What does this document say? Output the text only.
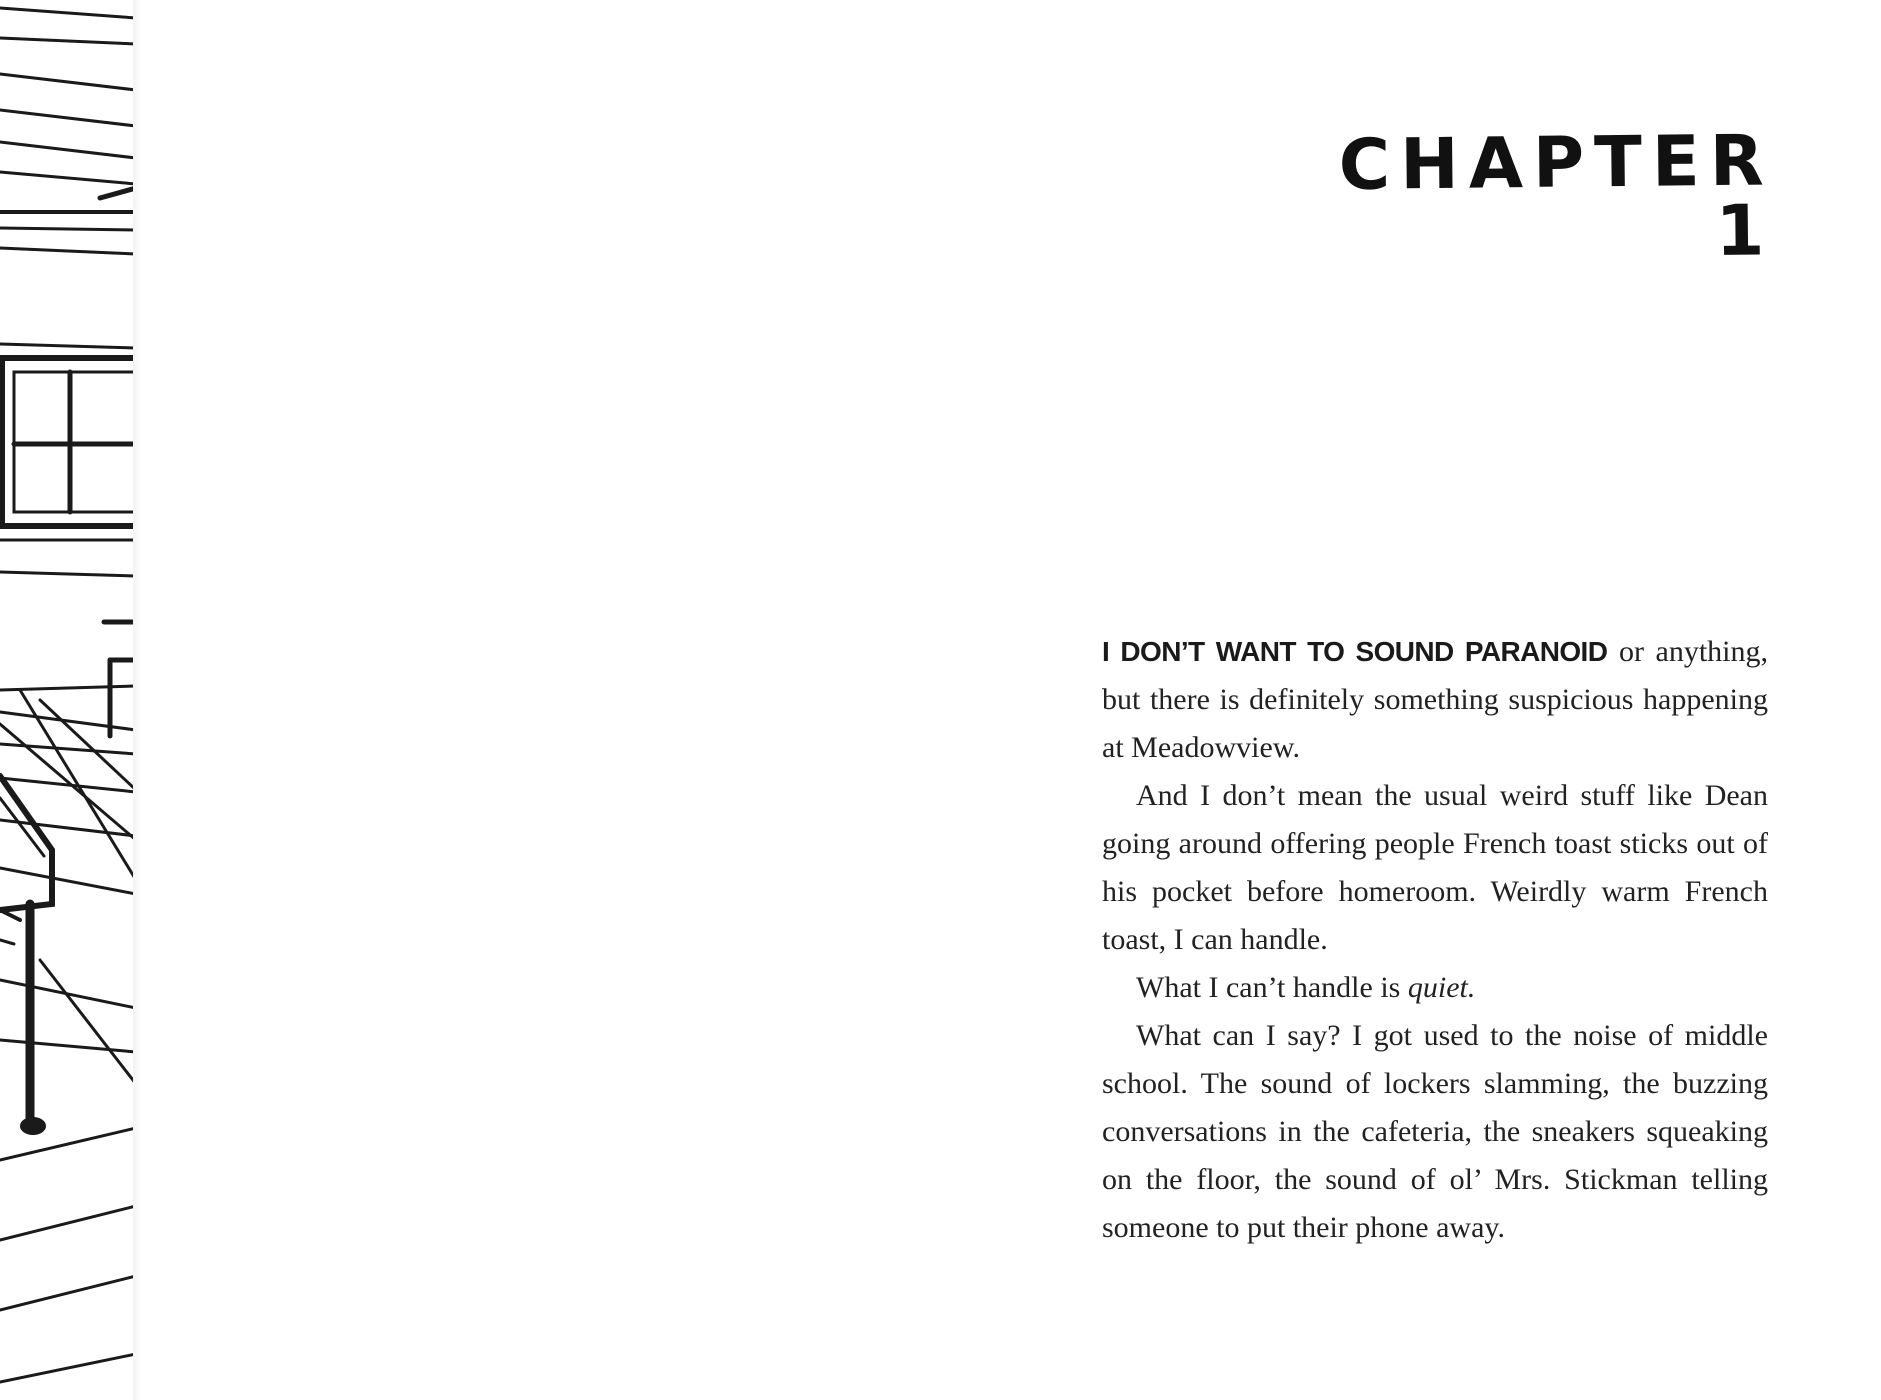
CHAPTER 1

I DON’T WANT TO SOUND PARANOID or anything, but there is definitely something suspicious happening at Meadowview.

And I don’t mean the usual weird stuff like Dean going around offering people French toast sticks out of his pocket before homeroom. Weirdly warm French toast, I can handle.

What I can’t handle is quiet.

What can I say? I got used to the noise of middle school. The sound of lockers slamming, the buzzing conversations in the cafeteria, the sneakers squeaking on the floor, the sound of ol’ Mrs. Stickman telling someone to put their phone away.
